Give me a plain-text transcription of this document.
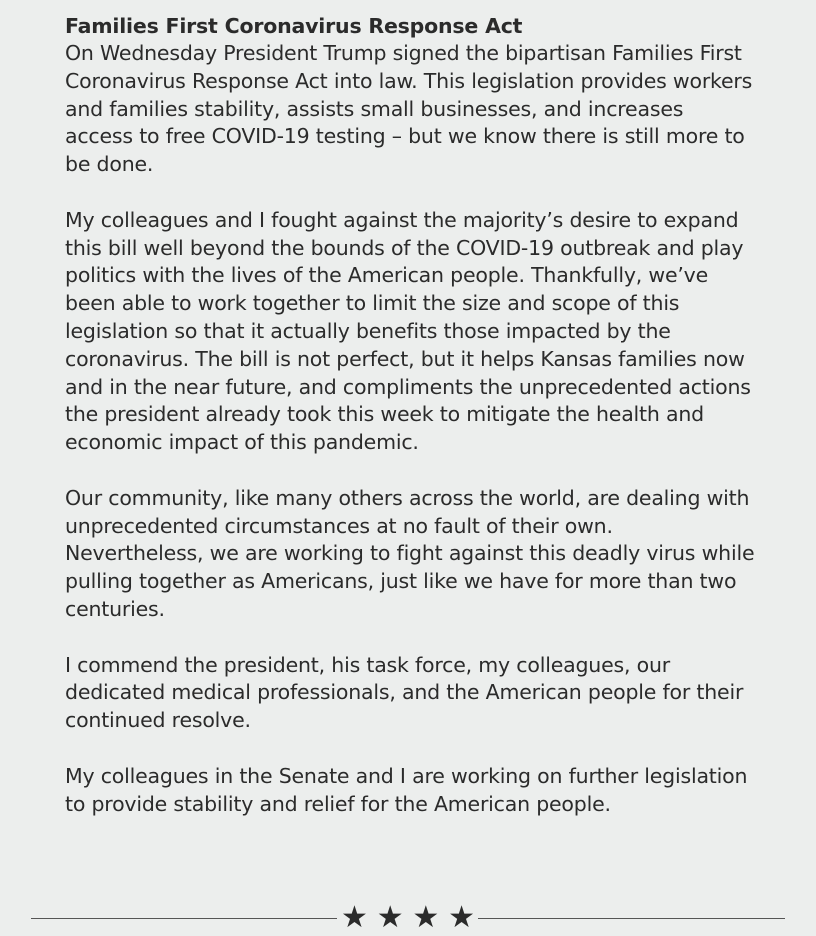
Families First Coronavirus Response Act

On Wednesday President Trump signed the bipartisan Families First Coronavirus Response Act into law. This legislation provides workers and families stability, assists small businesses, and increases access to free COVID-19 testing – but we know there is still more to be done.

My colleagues and I fought against the majority’s desire to expand this bill well beyond the bounds of the COVID-19 outbreak and play politics with the lives of the American people. Thankfully, we’ve been able to work together to limit the size and scope of this legislation so that it actually benefits those impacted by the coronavirus. The bill is not perfect, but it helps Kansas families now and in the near future, and compliments the unprecedented actions the president already took this week to mitigate the health and economic impact of this pandemic.

Our community, like many others across the world, are dealing with unprecedented circumstances at no fault of their own. Nevertheless, we are working to fight against this deadly virus while pulling together as Americans, just like we have for more than two centuries.

I commend the president, his task force, my colleagues, our dedicated medical professionals, and the American people for their continued resolve.

My colleagues in the Senate and I are working on further legislation to provide stability and relief for the American people.

★ ★ ★ ★
